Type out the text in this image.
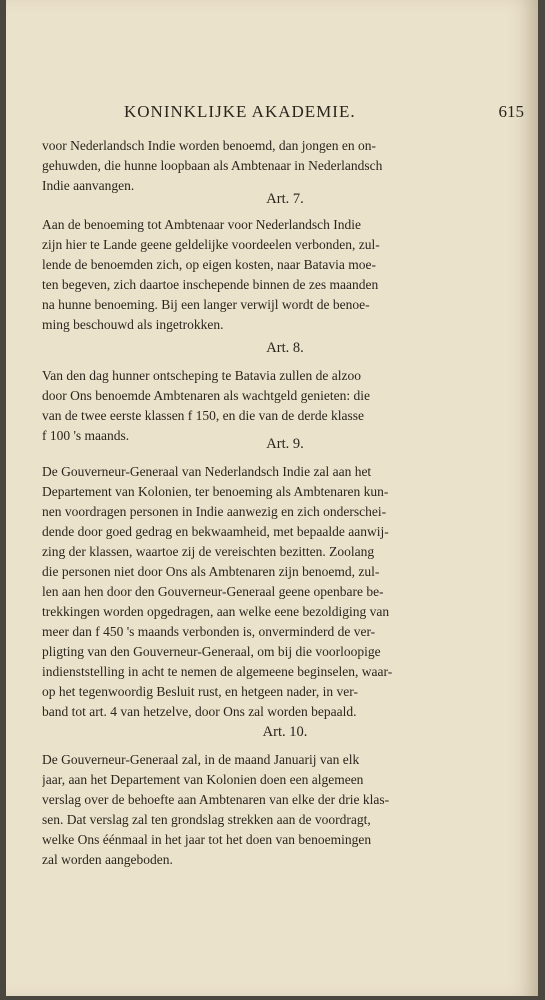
KONINKLIJKE AKADEMIE.	615
voor Nederlandsch Indie worden benoemd, dan jongen en on-
gehuwden, die hunne loopbaan als Ambtenaar in Nederlandsch
Indie aanvangen.
Art. 7.
Aan de benoeming tot Ambtenaar voor Nederlandsch Indie
zijn hier te Lande geene geldelijke voordeelen verbonden, zul-
lende de benoemden zich, op eigen kosten, naar Batavia moe-
ten begeven, zich daartoe inschepende binnen de zes maanden
na hunne benoeming. Bij een langer verwijl wordt de benoe-
ming beschouwd als ingetrokken.
Art. 8.
Van den dag hunner ontscheping te Batavia zullen de alzoo
door Ons benoemde Ambtenaren als wachtgeld genieten: die
van de twee eerste klassen f 150, en die van de derde klasse
f 100 's maands.
Art. 9.
De Gouverneur-Generaal van Nederlandsch Indie zal aan het
Departement van Kolonien, ter benoeming als Ambtenaren kun-
nen voordragen personen in Indie aanwezig en zich onderschei-
dende door goed gedrag en bekwaamheid, met bepaalde aanwij-
zing der klassen, waartoe zij de vereischten bezitten. Zoolang
die personen niet door Ons als Ambtenaren zijn benoemd, zul-
len aan hen door den Gouverneur-Generaal geene openbare be-
trekkingen worden opgedragen, aan welke eene bezoldiging van
meer dan f 450 's maands verbonden is, onverminderd de ver-
pligting van den Gouverneur-Generaal, om bij die voorloopige
indienststelling in acht te nemen de algemeene beginselen, waar-
op het tegenwoordig Besluit rust, en hetgeen nader, in ver-
band tot art. 4 van hetzelve, door Ons zal worden bepaald.
Art. 10.
De Gouverneur-Generaal zal, in de maand Januarij van elk
jaar, aan het Departement van Kolonien doen een algemeen
verslag over de behoefte aan Ambtenaren van elke der drie klas-
sen. Dat verslag zal ten grondslag strekken aan de voordragt,
welke Ons éénmaal in het jaar tot het doen van benoemingen
zal worden aangeboden.
